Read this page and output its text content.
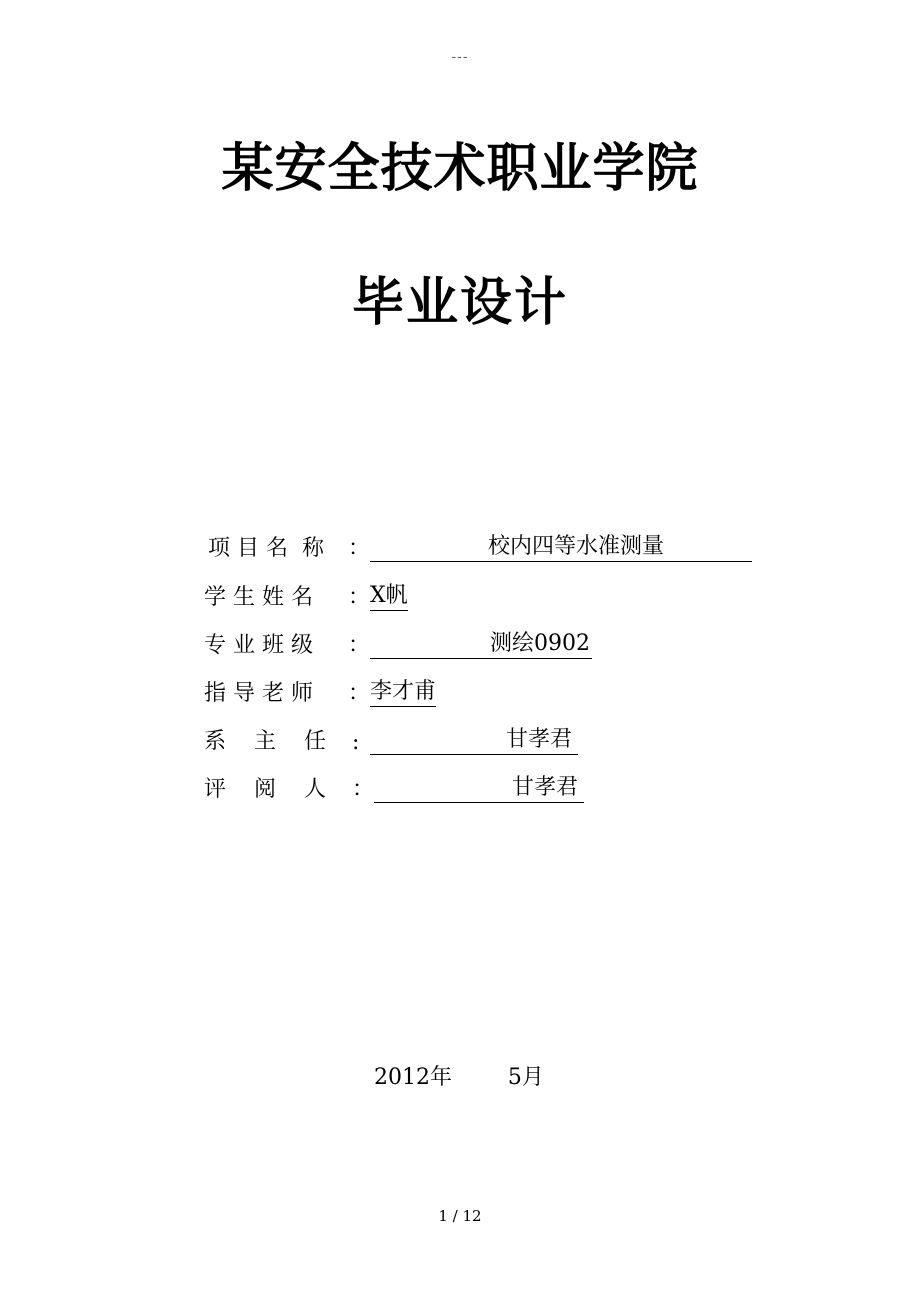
---
某安全技术职业学院
毕业设计
项 目 名  称	：	校内四等水准测量
学 生 姓 名	： X帆
专 业 班 级	：	测绘0902
指 导 老 师	： 李才甫
系    主    任	:	甘孝君
评    阅    人	：	甘孝君
2012年        5月
1 / 12
